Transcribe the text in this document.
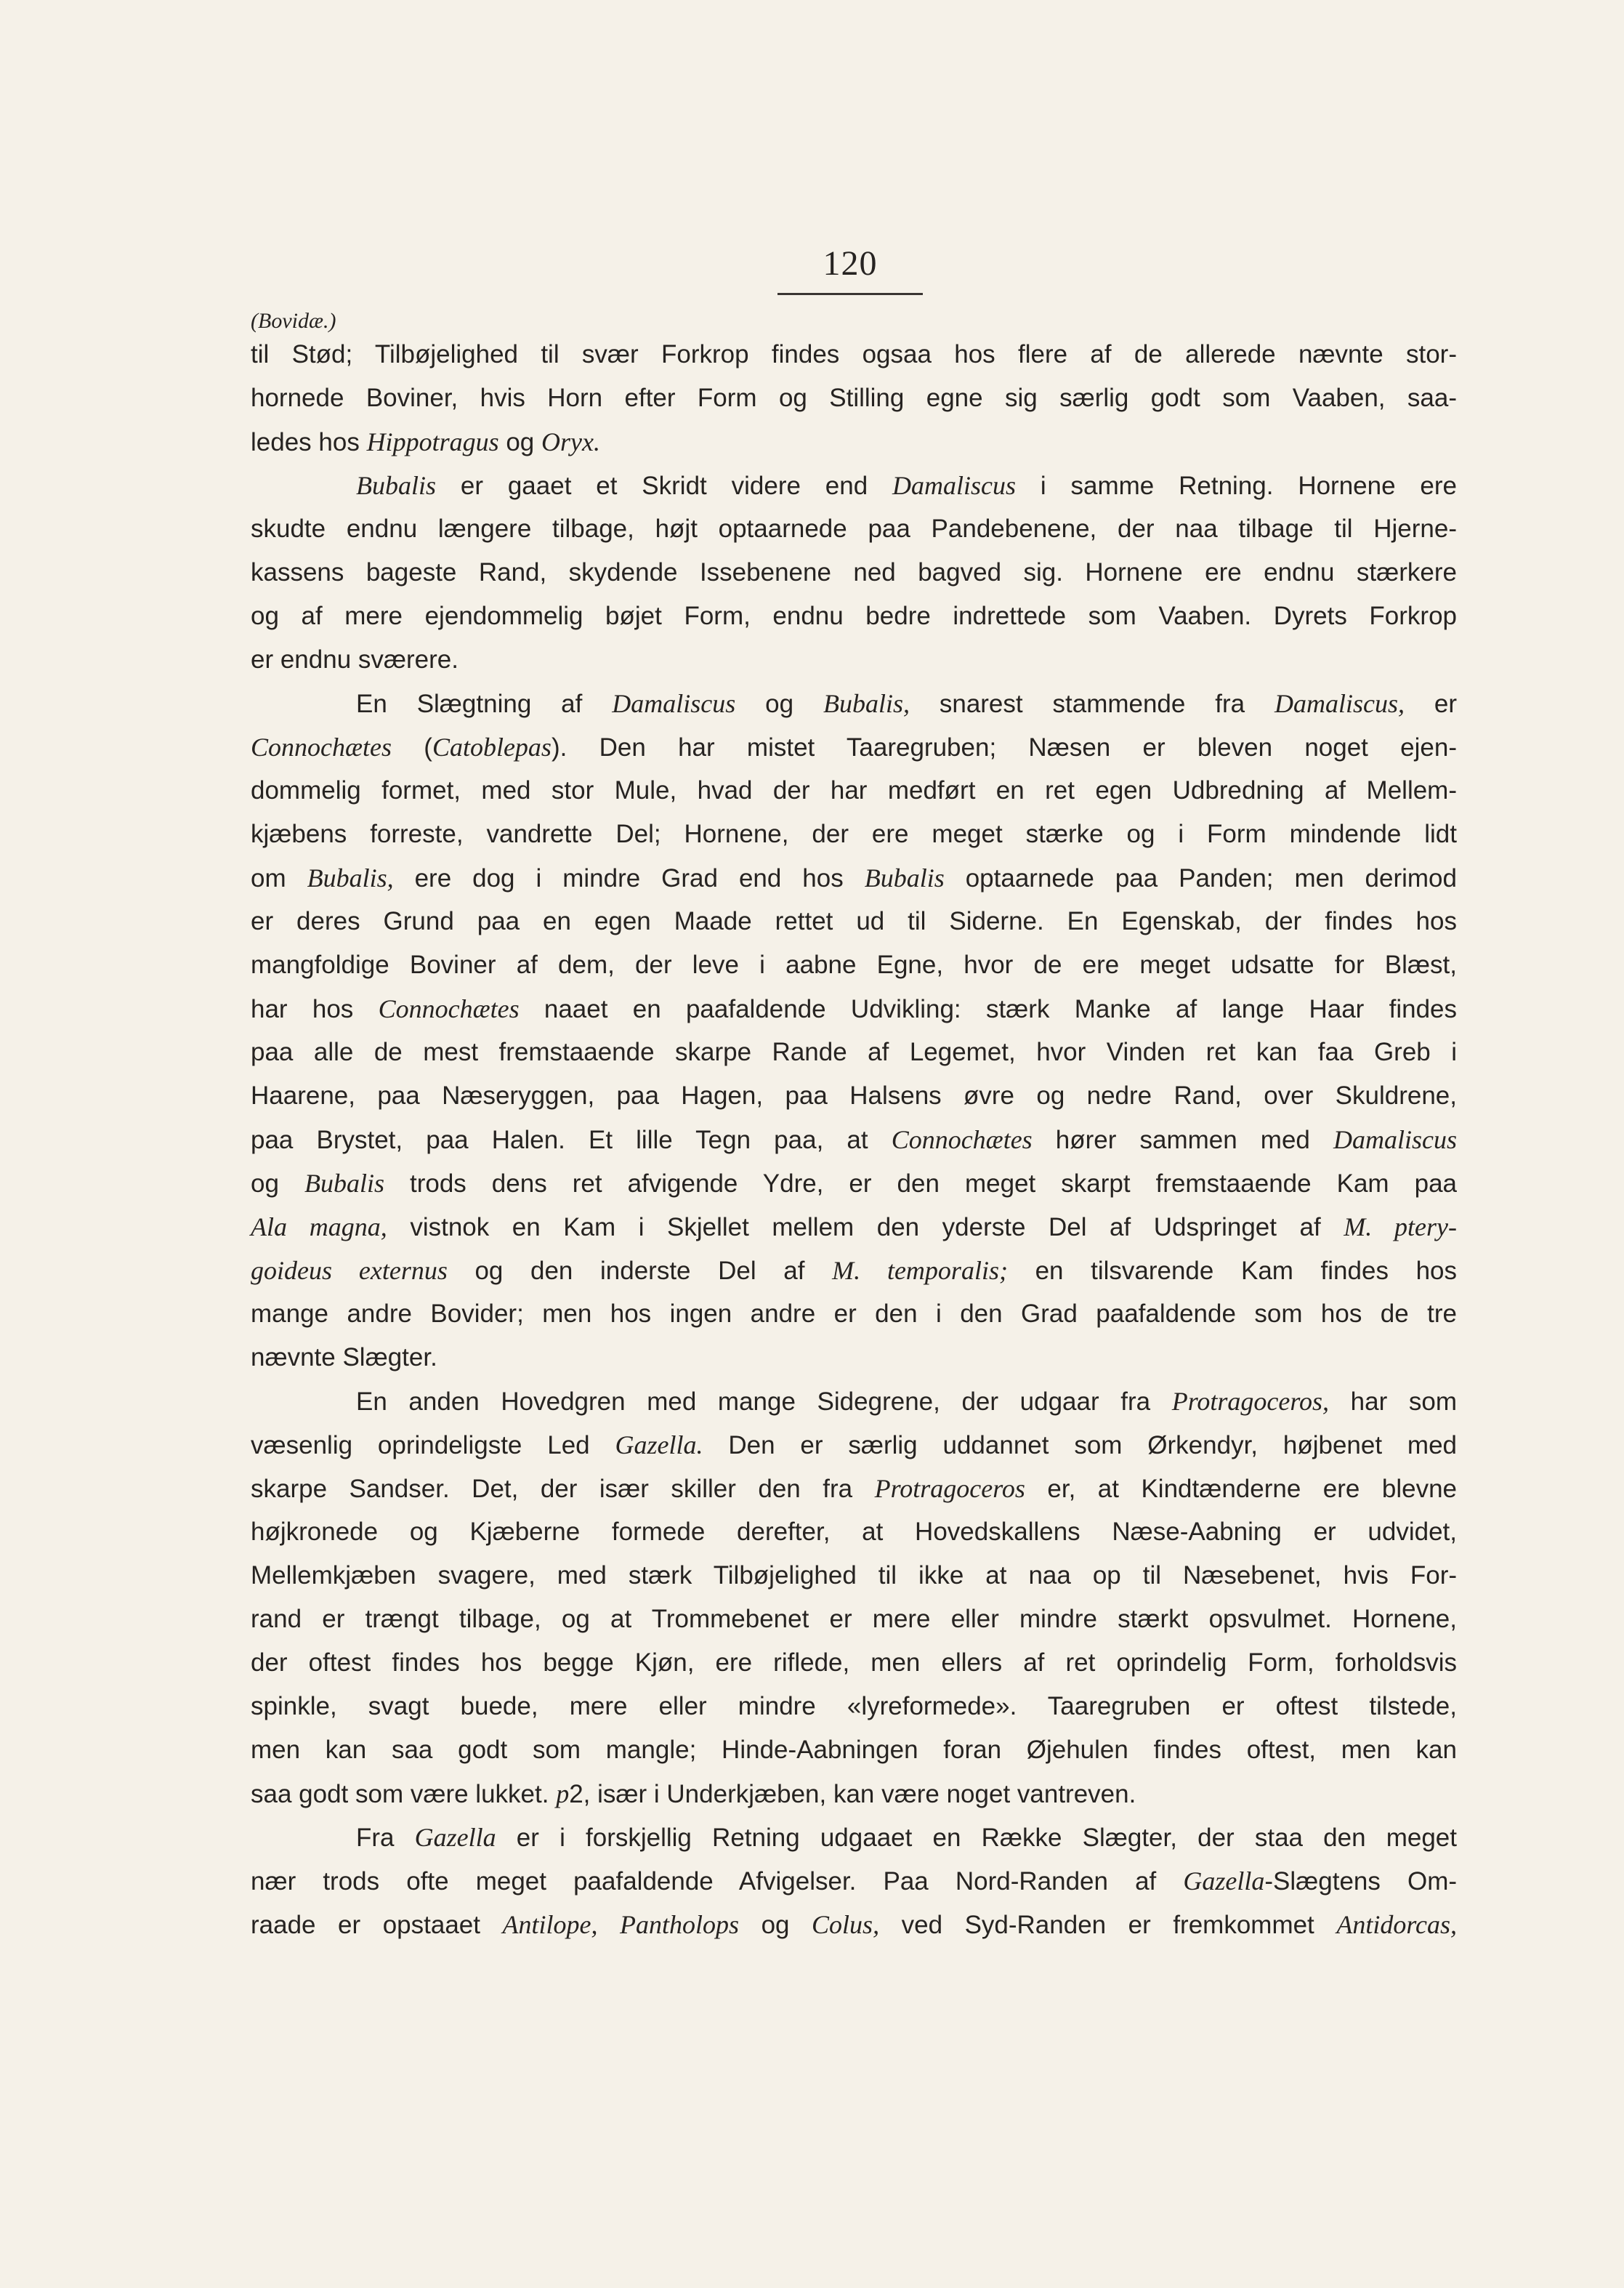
120
(Bovidæ.)
til Stød; Tilbøjelighed til svær Forkrop findes ogsaa hos flere af de allerede nævnte stor-
hornede Boviner, hvis Horn efter Form og Stilling egne sig særlig godt som Vaaben, saa-
ledes hos Hippotragus og Oryx.
Bubalis er gaaet et Skridt videre end Damaliscus i samme Retning. Hornene ere
skudte endnu længere tilbage, højt optaarnede paa Pandebenene, der naa tilbage til Hjerne-
kassens bageste Rand, skydende Issebenene ned bagved sig. Hornene ere endnu stærkere
og af mere ejendommelig bøjet Form, endnu bedre indrettede som Vaaben. Dyrets Forkrop
er endnu sværere.
En Slægtning af Damaliscus og Bubalis, snarest stammende fra Damaliscus, er
Connochætes (Catoblepas). Den har mistet Taaregruben; Næsen er bleven noget ejen-
dommelig formet, med stor Mule, hvad der har medført en ret egen Udbredning af Mellem-
kjæbens forreste, vandrette Del; Hornene, der ere meget stærke og i Form mindende lidt
om Bubalis, ere dog i mindre Grad end hos Bubalis optaarnede paa Panden; men derimod
er deres Grund paa en egen Maade rettet ud til Siderne. En Egenskab, der findes hos
mangfoldige Boviner af dem, der leve i aabne Egne, hvor de ere meget udsatte for Blæst,
har hos Connochætes naaet en paafaldende Udvikling: stærk Manke af lange Haar findes
paa alle de mest fremstaaende skarpe Rande af Legemet, hvor Vinden ret kan faa Greb i
Haarene, paa Næseryggen, paa Hagen, paa Halsens øvre og nedre Rand, over Skuldrene,
paa Brystet, paa Halen. Et lille Tegn paa, at Connochætes hører sammen med Damaliscus
og Bubalis trods dens ret afvigende Ydre, er den meget skarpt fremstaaende Kam paa
Ala magna, vistnok en Kam i Skjellet mellem den yderste Del af Udspringet af M. ptery-
goideus externus og den inderste Del af M. temporalis; en tilsvarende Kam findes hos
mange andre Bovider; men hos ingen andre er den i den Grad paafaldende som hos de tre
nævnte Slægter.
En anden Hovedgren med mange Sidegrene, der udgaar fra Protragoceros, har som
væsenlig oprindeligste Led Gazella. Den er særlig uddannet som Ørkendyr, højbenet med
skarpe Sandser. Det, der især skiller den fra Protragoceros er, at Kindtænderne ere blevne
højkronede og Kjæberne formede derefter, at Hovedskallens Næse-Aabning er udvidet,
Mellemkjæben svagere, med stærk Tilbøjelighed til ikke at naa op til Næsebenet, hvis For-
rand er trængt tilbage, og at Trommebenet er mere eller mindre stærkt opsvulmet. Hornene,
der oftest findes hos begge Kjøn, ere riflede, men ellers af ret oprindelig Form, forholdsvis
spinkle, svagt buede, mere eller mindre «lyreformede». Taaregruben er oftest tilstede,
men kan saa godt som mangle; Hinde-Aabningen foran Øjehulen findes oftest, men kan
saa godt som være lukket. p2, især i Underkjæben, kan være noget vantreven.
Fra Gazella er i forskjellig Retning udgaaet en Række Slægter, der staa den meget
nær trods ofte meget paafaldende Afvigelser. Paa Nord-Randen af Gazella-Slægtens Om-
raade er opstaaet Antilope, Pantholops og Colus, ved Syd-Randen er fremkommet Antidorcas,
